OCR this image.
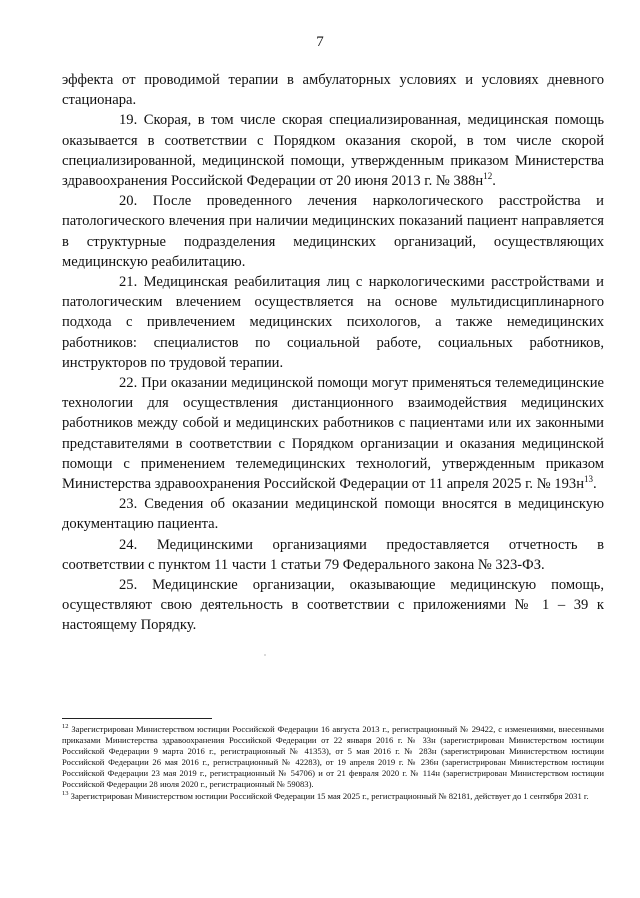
7

эффекта от проводимой терапии в амбулаторных условиях и условиях дневного стационара.

19. Скорая, в том числе скорая специализированная, медицинская помощь оказывается в соответствии с Порядком оказания скорой, в том числе скорой специализированной, медицинской помощи, утвержденным приказом Министерства здравоохранения Российской Федерации от 20 июня 2013 г. № $388н^{12}$.

20. После проведенного лечения наркологического расстройства и патологического влечения при наличии медицинских показаний пациент направляется в структурные подразделения медицинских организаций, осуществляющих медицинскую реабилитацию.

21. Медицинская реабилитация лиц с наркологическими расстройствами и патологическим влечением осуществляется на основе мультидисциплинарного подхода с привлечением медицинских психологов, а также немедицинских работников: специалистов по социальной работе, социальных работников, инструкторов по трудовой терапии.

22. При оказании медицинской помощи могут применяться телемедицинские технологии для осуществления дистанционного взаимодействия медицинских работников между собой и медицинских работников с пациентами или их законными представителями в соответствии с Порядком организации и оказания медицинской помощи с применением телемедицинских технологий, утвержденным приказом Министерства здравоохранения Российской Федерации от 11 апреля 2025 г. № $193н^{13}$.

23. Сведения об оказании медицинской помощи вносятся в медицинскую документацию пациента.

24. Медицинскими организациями предоставляется отчетность в соответствии с пунктом 11 части 1 статьи 79 Федерального закона № 323-ФЗ.

25. Медицинские организации, оказывающие медицинскую помощь, осуществляют свою деятельность в соответствии с приложениями № 1 – 39 к настоящему Порядку.

$^{12}$ Зарегистрирован Министерством юстиции Российской Федерации 16 августа 2013 г., регистрационный № 29422, с изменениями, внесенными приказами Министерства здравоохранения Российской Федерации от 22 января 2016 г. № 33н (зарегистрирован Министерством юстиции Российской Федерации 9 марта 2016 г., регистрационный № 41353), от 5 мая 2016 г. № 283н (зарегистрирован Министерством юстиции Российской Федерации 26 мая 2016 г., регистрационный № 42283), от 19 апреля 2019 г. № 236н (зарегистрирован Министерством юстиции Российской Федерации 23 мая 2019 г., регистрационный № 54706) и от 21 февраля 2020 г. № 114н (зарегистрирован Министерством юстиции Российской Федерации 28 июля 2020 г., регистрационный № 59083).

$^{13}$ Зарегистрирован Министерством юстиции Российской Федерации 15 мая 2025 г., регистрационный № 82181, действует до 1 сентября 2031 г.
